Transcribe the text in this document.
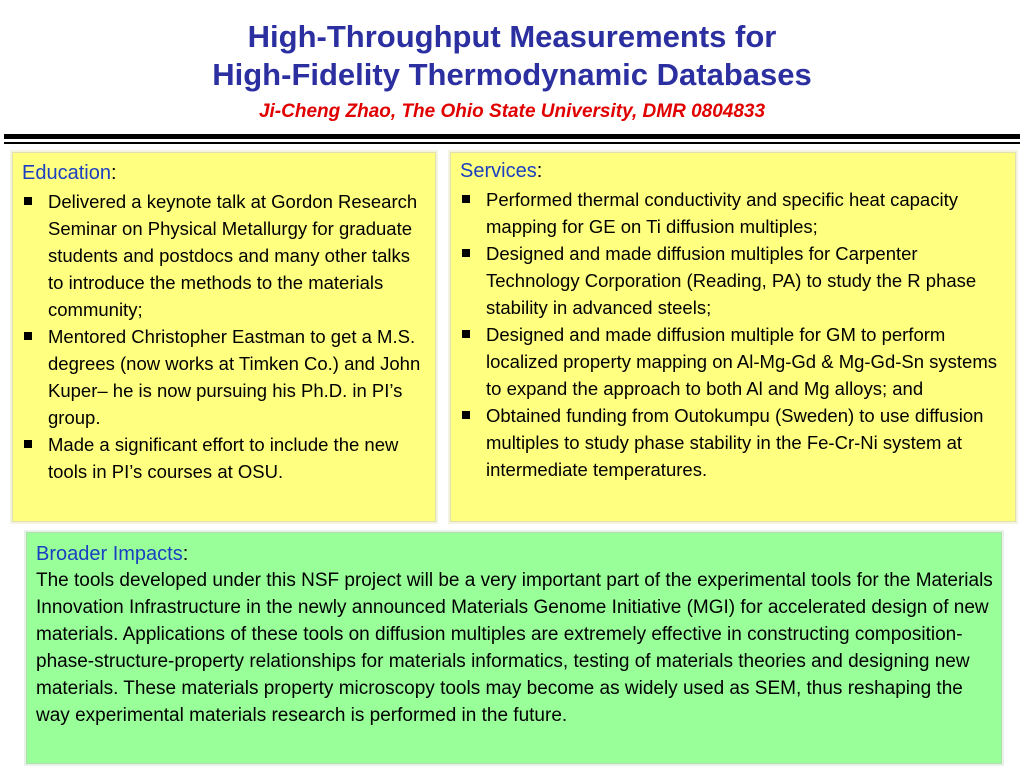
High-Throughput Measurements for
High-Fidelity Thermodynamic Databases
Ji-Cheng Zhao, The Ohio State University, DMR 0804833
Education:
Delivered a keynote talk at Gordon Research Seminar on Physical Metallurgy for graduate students and postdocs and many other talks to introduce the methods to the materials community;
Mentored Christopher Eastman to get a M.S. degrees (now works at Timken Co.) and John Kuper– he is now pursuing his Ph.D. in PI’s group.
Made a significant effort to include the new tools in PI’s courses at OSU.
Services:
Performed thermal conductivity and specific heat capacity mapping for GE on Ti diffusion multiples;
Designed and made diffusion multiples for Carpenter Technology Corporation (Reading, PA) to study the R phase stability in advanced steels;
Designed and made diffusion multiple for GM to perform localized property mapping on Al-Mg-Gd & Mg-Gd-Sn systems to expand the approach to both Al and Mg alloys; and
Obtained funding from Outokumpu (Sweden) to use diffusion multiples to study phase stability in the Fe-Cr-Ni system at intermediate temperatures.
Broader Impacts:

The tools developed under this NSF project will be a very important part of the experimental tools for the Materials Innovation Infrastructure in the newly announced Materials Genome Initiative (MGI) for accelerated design of new materials. Applications of these tools on diffusion multiples are extremely effective in constructing composition-phase-structure-property relationships for materials informatics, testing of materials theories and designing new materials. These materials property microscopy tools may become as widely used as SEM, thus reshaping the way experimental materials research is performed in the future.
